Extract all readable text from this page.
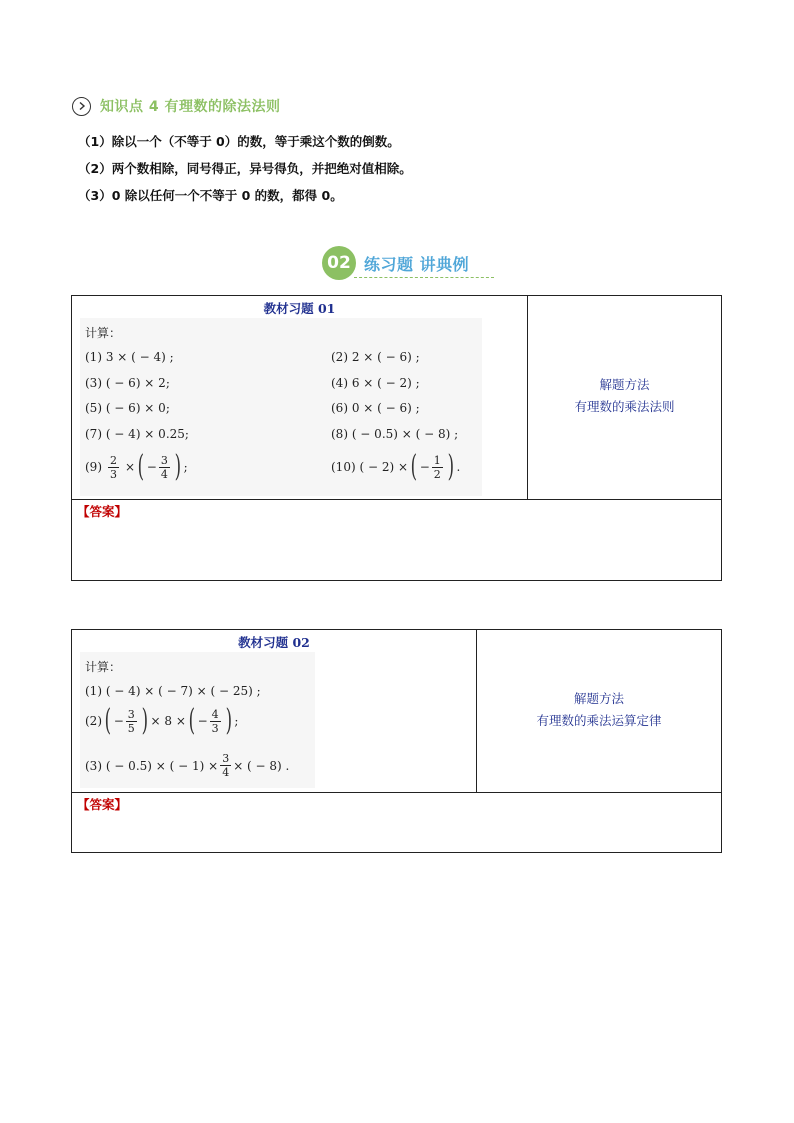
知识点 4 有理数的除法法则
（1）除以一个（不等于 0）的数，等于乘这个数的倒数。
（2）两个数相除，同号得正，异号得负，并把绝对值相除。
（3）0 除以任何一个不等于 0 的数，都得 0。
02 练习题 讲典例
教材习题 01
计算：
(1) 3 × ( − 4) ;	(2) 2 × ( − 6) ;
(3) ( − 6) × 2;	(4) 6 × ( − 2) ;
(5) ( − 6) × 0;	(6) 0 × ( − 6) ;
(7) ( − 4) × 0.25;	(8) ( − 0.5) × ( − 8) ;
$(9) \frac{2}{3}$ × ( − $\frac{3}{4}$ ) ;	(10) ( − 2) × ( − $\frac{1}{2}$ ) .
解题方法
有理数的乘法法则
【答案】
教材习题 02
计算：
(1) ( − 4) × ( − 7) × ( − 25) ;
(2) ( − $\frac{3}{5}$ ) × 8 × ( − $\frac{4}{3}$ ) ;
(3) ( − 0.5) × ( − $1) \times \frac{3}{4}$ × ( − 8) .
解题方法
有理数的乘法运算定律
【答案】
